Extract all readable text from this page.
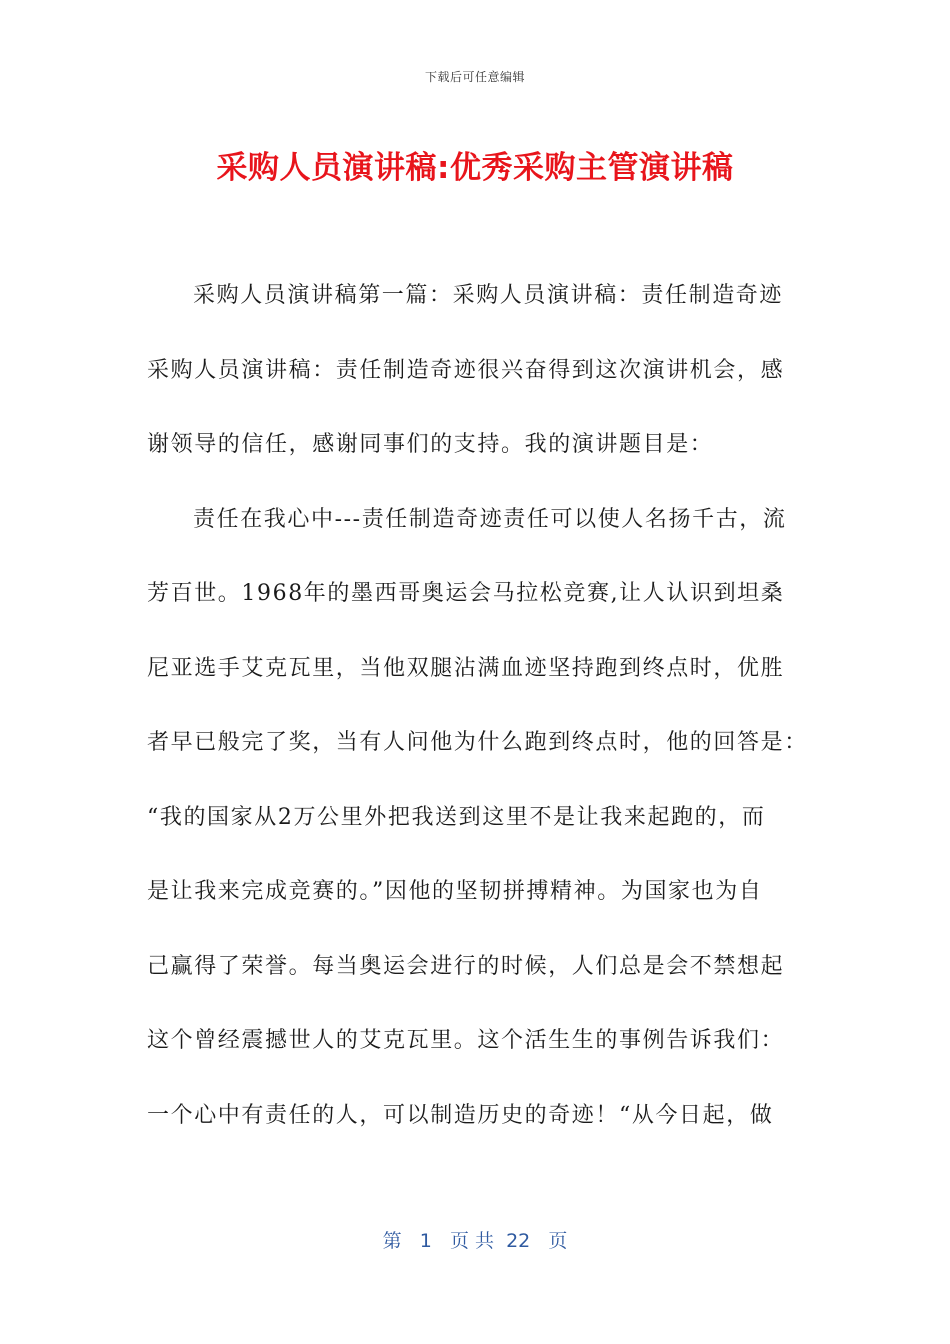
下载后可任意编辑
采购人员演讲稿:优秀采购主管演讲稿
采购人员演讲稿第一篇：采购人员演讲稿：责任制造奇迹
采购人员演讲稿：责任制造奇迹很兴奋得到这次演讲机会，感
谢领导的信任，感谢同事们的支持。我的演讲题目是：
责任在我心中---责任制造奇迹责任可以使人名扬千古，流
芳百世。1968年的墨西哥奥运会马拉松竞赛,让人认识到坦桑
尼亚选手艾克瓦里，当他双腿沾满血迹坚持跑到终点时，优胜
者早已般完了奖，当有人问他为什么跑到终点时，他的回答是：
“我的国家从2万公里外把我送到这里不是让我来起跑的，而
是让我来完成竞赛的。”因他的坚韧拼搏精神。为国家也为自
己赢得了荣誉。每当奥运会进行的时候，人们总是会不禁想起
这个曾经震撼世人的艾克瓦里。这个活生生的事例告诉我们：
一个心中有责任的人，可以制造历史的奇迹！“从今日起，做
第 1 页 共 22 页
